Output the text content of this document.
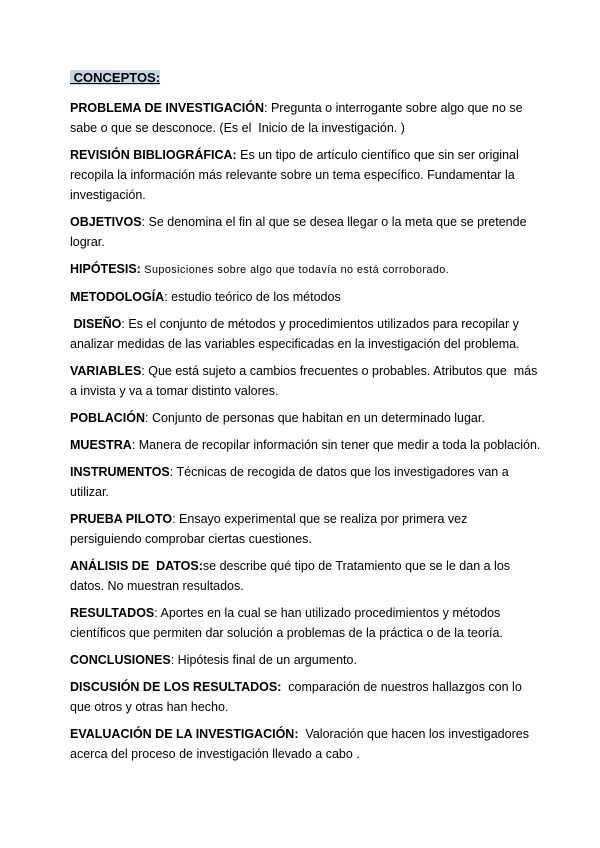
CONCEPTOS:

PROBLEMA DE INVESTIGACIÓN: Pregunta o interrogante sobre algo que no se sabe o que se desconoce. (Es el  Inicio de la investigación. )

REVISIÓN BIBLIOGRÁFICA: Es un tipo de artículo científico que sin ser original recopila la información más relevante sobre un tema específico. Fundamentar la investigación.

OBJETIVOS: Se denomina el fin al que se desea llegar o la meta que se pretende lograr.

HIPÓTESIS: Suposiciones sobre algo que todavía no está corroborado.

METODOLOGÍA: estudio teórico de los métodos

DISEÑO: Es el conjunto de métodos y procedimientos utilizados para recopilar y analizar medidas de las variables especificadas en la investigación del problema.

VARIABLES: Que está sujeto a cambios frecuentes o probables. Atributos que  más a invista y va a tomar distinto valores.

POBLACIÓN: Conjunto de personas que habitan en un determinado lugar.

MUESTRA: Manera de recopilar información sin tener que medir a toda la población.

INSTRUMENTOS: Técnicas de recogida de datos que los investigadores van a utilizar.

PRUEBA PILOTO: Ensayo experimental que se realiza por primera vez persiguiendo comprobar ciertas cuestiones.

ANÁLISIS DE  DATOS:se describe qué tipo de Tratamiento que se le dan a los datos. No muestran resultados.

RESULTADOS: Aportes en la cual se han utilizado procedimientos y métodos científicos que permiten dar solución a problemas de la práctica o de la teoría.

CONCLUSIONES: Hipótesis final de un argumento.

DISCUSIÓN DE LOS RESULTADOS:  comparación de nuestros hallazgos con lo que otros y otras han hecho.

EVALUACIÓN DE LA INVESTIGACIÓN:  Valoración que hacen los investigadores acerca del proceso de investigación llevado a cabo .
